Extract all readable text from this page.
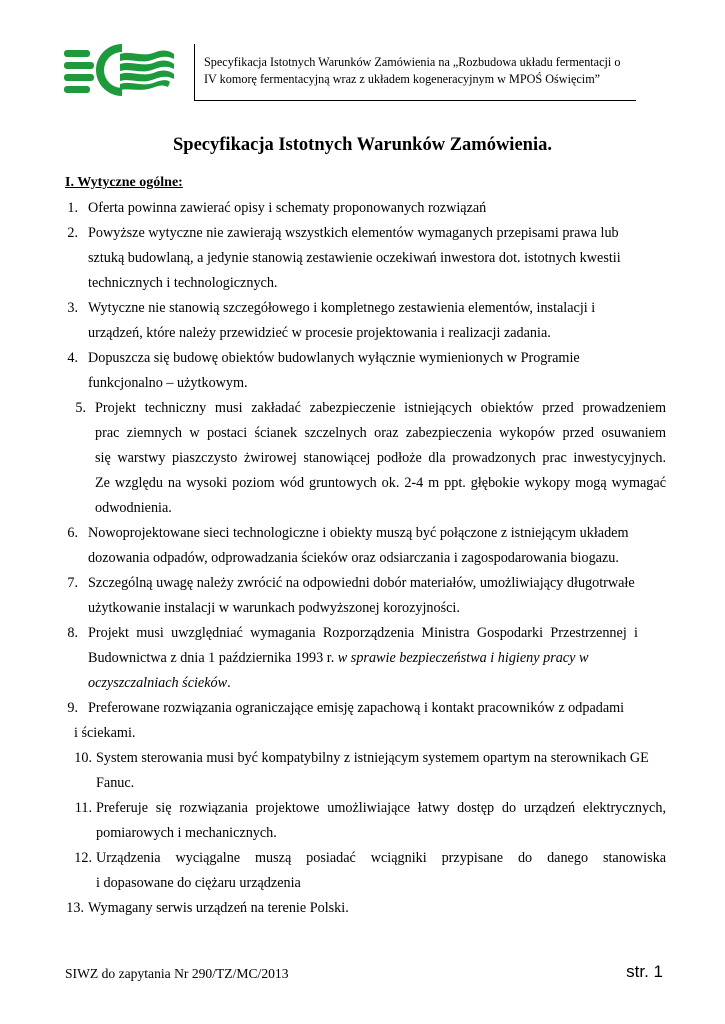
Specyfikacja Istotnych Warunków Zamówienia na „Rozbudowa układu fermentacji o
IV komorę fermentacyjną wraz z układem kogeneracyjnym w MPOŚ Oświęcim”
Specyfikacja Istotnych Warunków Zamówienia.
I. Wytyczne ogólne:
1. Oferta powinna zawierać opisy i schematy proponowanych rozwiązań
2. Powyższe wytyczne nie zawierają wszystkich elementów wymaganych przepisami prawa lub
sztuką budowlaną, a jedynie stanowią zestawienie oczekiwań inwestora dot. istotnych kwestii
technicznych i technologicznych.
3. Wytyczne nie stanowią szczegółowego i kompletnego zestawienia elementów, instalacji i
urządzeń, które należy przewidzieć w procesie projektowania i realizacji zadania.
4. Dopuszcza się budowę obiektów budowlanych wyłącznie wymienionych w Programie
funkcjonalno – użytkowym.
5. Projekt techniczny musi zakładać zabezpieczenie istniejących obiektów przed prowadzeniem
prac ziemnych w postaci ścianek szczelnych oraz zabezpieczenia wykopów przed osuwaniem
się warstwy piaszczysto żwirowej stanowiącej podłoże dla prowadzonych prac inwestycyjnych.
Ze względu na wysoki poziom wód gruntowych ok. 2-4 m ppt. głębokie wykopy mogą wymagać
odwodnienia.
6. Nowoprojektowane sieci technologiczne i obiekty muszą być połączone z istniejącym układem
dozowania odpadów, odprowadzania ścieków oraz odsiarczania i zagospodarowania biogazu.
7. Szczególną uwagę należy zwrócić na odpowiedni dobór materiałów, umożliwiający długotrwałe
użytkowanie instalacji w warunkach podwyższonej korozyjności.
8. Projekt musi uwzględniać wymagania Rozporządzenia Ministra Gospodarki Przestrzennej i
Budownictwa z dnia 1 października 1993 r. w sprawie bezpieczeństwa i higieny pracy w
oczyszczalniach ścieków.
9. Preferowane rozwiązania ograniczające emisję zapachową i kontakt pracowników z odpadami
i ściekami.
10. System sterowania musi być kompatybilny z istniejącym systemem opartym na sterownikach GE
Fanuc.
11. Preferuje się rozwiązania projektowe umożliwiające łatwy dostęp do urządzeń elektrycznych,
pomiarowych i mechanicznych.
12. Urządzenia wyciągalne muszą posiadać wciągniki przypisane do danego stanowiska
i dopasowane do ciężaru urządzenia
13. Wymagany serwis urządzeń na terenie Polski.
SIWZ do zapytania Nr 290/TZ/MC/2013	str. 1
